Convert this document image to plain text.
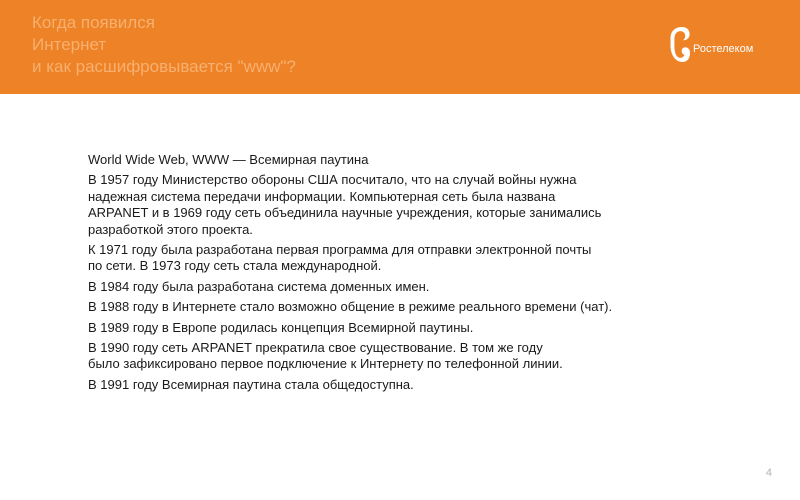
Когда появился
Интернет
и как расшифровывается "www"?
Ростелеком
World Wide Web, WWW — Всемирная паутина
В 1957 году Министерство обороны США посчитало, что на случай войны нужна
надежная система передачи информации. Компьютерная сеть была названа
ARPANET и в 1969 году сеть объединила научные учреждения, которые занимались
разработкой этого проекта.
К 1971 году была разработана первая программа для отправки электронной почты
по сети. В 1973 году сеть стала международной.
В 1984 году была разработана система доменных имен.
В 1988 году в Интернете стало возможно общение в режиме реального времени (чат).
В 1989 году в Европе родилась концепция Всемирной паутины.
В 1990 году сеть ARPANET прекратила свое существование. В том же году
было зафиксировано первое подключение к Интернету по телефонной линии.
В 1991 году Всемирная паутина стала общедоступна.
4
